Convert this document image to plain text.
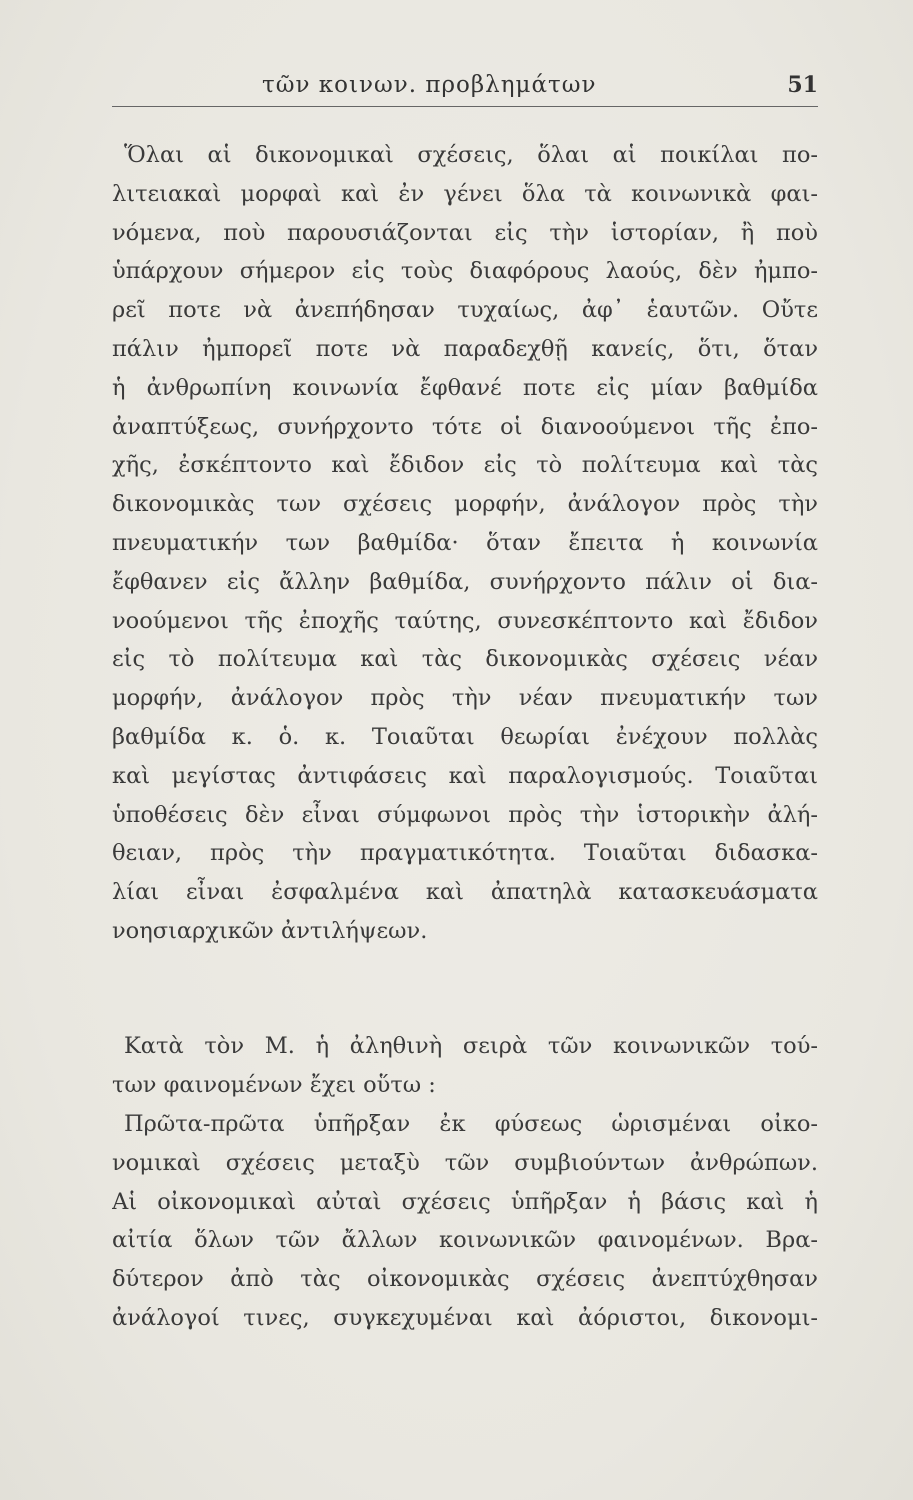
τῶν κοινων. προβλημάτων	51
Ὅλαι αἱ δικονομικαὶ σχέσεις, ὅλαι αἱ ποικίλαι πο-
λιτειακαὶ μορφαὶ καὶ ἐν γένει ὅλα τὰ κοινωνικὰ φαι-
νόμενα, ποὺ παρουσιάζονται εἰς τὴν ἱστορίαν, ἢ ποὺ
ὑπάρχουν σήμερον εἰς τοὺς διαφόρους λαούς, δὲν ἠμπο-
ρεῖ ποτε νὰ ἀνεπήδησαν τυχαίως, ἀφ᾽ ἑαυτῶν. Οὔτε
πάλιν ἠμπορεῖ ποτε νὰ παραδεχθῇ κανείς, ὅτι, ὅταν
ἡ ἀνθρωπίνη κοινωνία ἔφθανέ ποτε εἰς μίαν βαθμίδα
ἀναπτύξεως, συνήρχοντο τότε οἱ διανοούμενοι τῆς ἐπο-
χῆς, ἐσκέπτοντο καὶ ἔδιδον εἰς τὸ πολίτευμα καὶ τὰς
δικονομικὰς των σχέσεις μορφήν, ἀνάλογον πρὸς τὴν
πνευματικήν των βαθμίδα· ὅταν ἔπειτα ἡ κοινωνία
ἔφθανεν εἰς ἄλλην βαθμίδα, συνήρχοντο πάλιν οἱ δια-
νοούμενοι τῆς ἐποχῆς ταύτης, συνεσκέπτοντο καὶ ἔδιδον
εἰς τὸ πολίτευμα καὶ τὰς δικονομικὰς σχέσεις νέαν
μορφήν, ἀνάλογον πρὸς τὴν νέαν πνευματικήν των
βαθμίδα κ. ὁ. κ. Τοιαῦται θεωρίαι ἐνέχουν πολλὰς
καὶ μεγίστας ἀντιφάσεις καὶ παραλογισμούς. Τοιαῦται
ὑποθέσεις δὲν εἶναι σύμφωνοι πρὸς τὴν ἱστορικὴν ἀλή-
θειαν, πρὸς τὴν πραγματικότητα. Τοιαῦται διδασκα-
λίαι εἶναι ἐσφαλμένα καὶ ἀπατηλὰ κατασκευάσματα
νοησιαρχικῶν ἀντιλήψεων.
Κατὰ τὸν Μ. ἡ ἀληθινὴ σειρὰ τῶν κοινωνικῶν τού-
των φαινομένων ἔχει οὕτω :
Πρῶτα-πρῶτα ὑπῆρξαν ἐκ φύσεως ὡρισμέναι οἰκο-
νομικαὶ σχέσεις μεταξὺ τῶν συμβιούντων ἀνθρώπων.
Αἱ οἰκονομικαὶ αὐταὶ σχέσεις ὑπῆρξαν ἡ βάσις καὶ ἡ
αἰτία ὅλων τῶν ἄλλων κοινωνικῶν φαινομένων. Βρα-
δύτερον ἀπὸ τὰς οἰκονομικὰς σχέσεις ἀνεπτύχθησαν
ἀνάλογοί τινες, συγκεχυμέναι καὶ ἀόριστοι, δικονομι-
